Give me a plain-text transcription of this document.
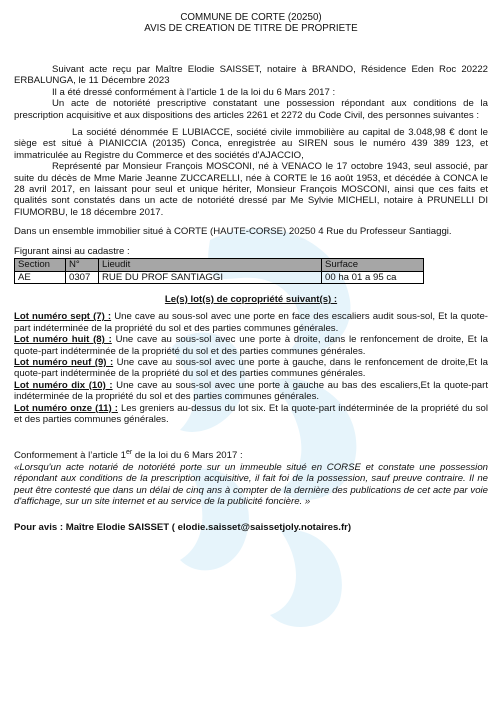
COMMUNE DE CORTE (20250)

AVIS DE CREATION DE TITRE DE PROPRIETE

Suivant acte reçu par Maître Elodie SAISSET, notaire à BRANDO, Résidence Eden Roc 20222 ERBALUNGA, le 11 Décembre 2023

Il a été dressé conformément à l’article 1 de la loi du 6 Mars 2017 :

Un acte de notoriété prescriptive constatant une possession répondant aux conditions de la prescription acquisitive et aux dispositions des articles 2261 et 2272 du Code Civil, des personnes suivantes :

La société dénommée E LUBIACCE, société civile immobilière au capital de 3.048,98 € dont le siège est situé à PIANICCIA (20135) Conca, enregistrée au SIREN sous le numéro 439 389 123, et immatriculée au Registre du Commerce et des sociétés d'AJACCIO,

Représenté par Monsieur François MOSCONI, né à VENACO le 17 octobre 1943, seul associé, par suite du décès de Mme Marie Jeanne ZUCCARELLI, née à CORTE le 16 août 1953, et décédée à CONCA le 28 avril 2017, en laissant pour seul et unique hériter, Monsieur François MOSCONI, ainsi que ces faits et qualités sont constatés dans un acte de notoriété dressé par Me Sylvie MICHELI, notaire à PRUNELLI DI FIUMORBU, le 18 décembre 2017.

Dans un ensemble immobilier situé à CORTE (HAUTE-CORSE) 20250 4 Rue du Professeur Santiaggi.

Figurant ainsi au cadastre :

Section	N°	Lieudit	Surface
AE	0307	RUE DU PROF SANTIAGGI	00 ha 01 a 95 ca
Le(s) lot(s) de copropriété suivant(s) :

Lot numéro sept (7) : Une cave au sous-sol avec une porte en face des escaliers audit sous-sol, Et la quote-part indéterminée de la propriété du sol et des parties communes générales.

Lot numéro huit (8) : Une cave au sous-sol avec une porte à droite, dans le renfoncement de droite, Et la quote-part indéterminée de la propriété du sol et des parties communes générales.

Lot numéro neuf (9) : Une cave au sous-sol avec une porte à gauche, dans le renfoncement de droite,Et la quote-part indéterminée de la propriété du sol et des parties communes générales.

Lot numéro dix (10) : Une cave au sous-sol avec une porte à gauche au bas des escaliers,Et la quote-part indéterminée de la propriété du sol et des parties communes générales.

Lot numéro onze (11) : Les greniers au-dessus du lot six. Et la quote-part indéterminée de la propriété du sol et des parties communes générales.

Conformement à l’article 1er de la loi du 6 Mars 2017 :

«Lorsqu'un acte notarié de notoriété porte sur un immeuble situé en CORSE et constate une possession répondant aux conditions de la prescription acquisitive, il fait foi de la possession, sauf preuve contraire. Il ne peut être contesté que dans un délai de cinq ans à compter de la dernière des publications de cet acte par voie d'affichage, sur un site internet et au service de la publicité foncière. »

Pour avis : Maître Elodie SAISSET ( elodie.saisset@saissetjoly.notaires.fr)
